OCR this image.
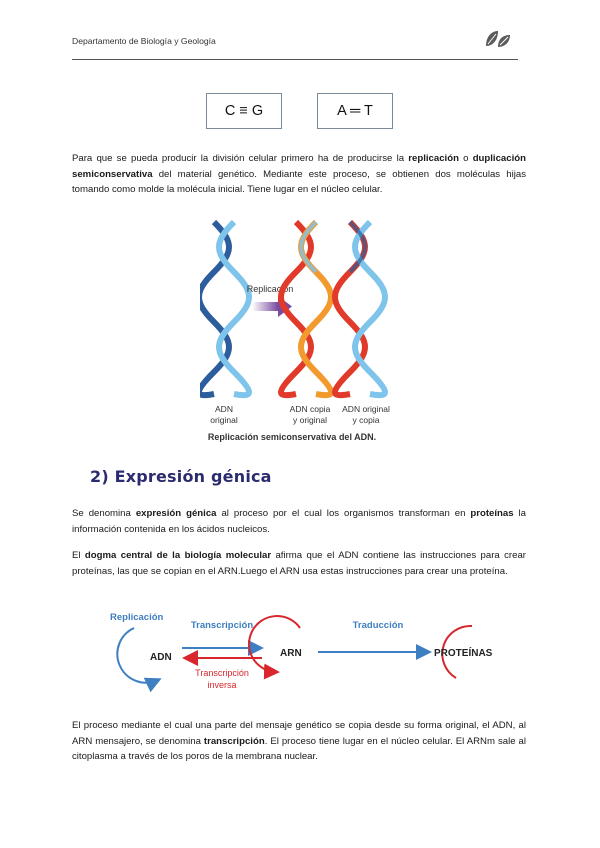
Departamento de Biología y Geología
C ≡ G	A ═ T
Para que se pueda producir la división celular primero ha de producirse la replicación o duplicación semiconservativa del material genético. Mediante este proceso, se obtienen dos moléculas hijas tomando como molde la molécula inicial. Tiene lugar en el núcleo celular.
Replicación
ADN
original
ADN copia
y original
ADN original
y copia
Replicación semiconservativa del ADN.
2) Expresión génica
Se denomina expresión génica al proceso por el cual los organismos transforman en proteínas la información contenida en los ácidos nucleicos.
El dogma central de la biología molecular afirma que el ADN contiene las instrucciones para crear proteínas, las que se copian en el ARN.Luego el ARN usa estas instrucciones para crear una proteína.
Replicación
ADN
Transcripción
Transcripción
inversa
ARN
Traducción
PROTEÍNAS
El proceso mediante el cual una parte del mensaje genético se copia desde su forma original, el ADN, al ARN mensajero, se denomina transcripción. El proceso tiene lugar en el núcleo celular. El ARNm sale al citoplasma a través de los poros de la membrana nuclear.
